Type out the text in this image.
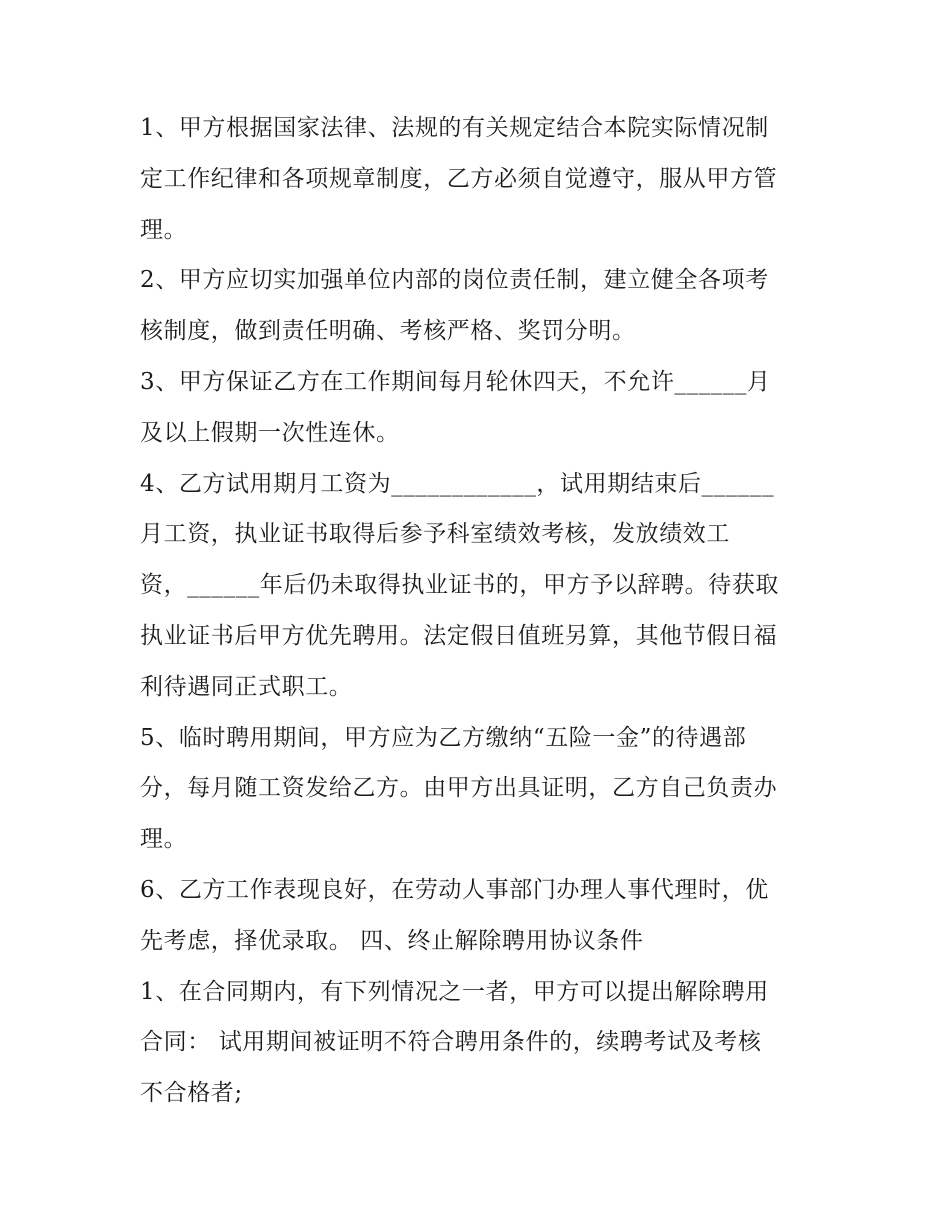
1、甲方根据国家法律、法规的有关规定结合本院实际情况制
定工作纪律和各项规章制度，乙方必须自觉遵守，服从甲方管
理。
2、甲方应切实加强单位内部的岗位责任制，建立健全各项考
核制度，做到责任明确、考核严格、奖罚分明。
3、甲方保证乙方在工作期间每月轮休四天，不允许______月
及以上假期一次性连休。
4、乙方试用期月工资为____________，试用期结束后______
月工资，执业证书取得后参予科室绩效考核，发放绩效工
资，______年后仍未取得执业证书的，甲方予以辞聘。待获取
执业证书后甲方优先聘用。法定假日值班另算，其他节假日福
利待遇同正式职工。
5、临时聘用期间，甲方应为乙方缴纳“五险一金”的待遇部
分，每月随工资发给乙方。由甲方出具证明，乙方自己负责办
理。
6、乙方工作表现良好，在劳动人事部门办理人事代理时，优
先考虑，择优录取。 四、终止解除聘用协议条件
1、在合同期内，有下列情况之一者，甲方可以提出解除聘用
合同： 试用期间被证明不符合聘用条件的，续聘考试及考核
不合格者;
